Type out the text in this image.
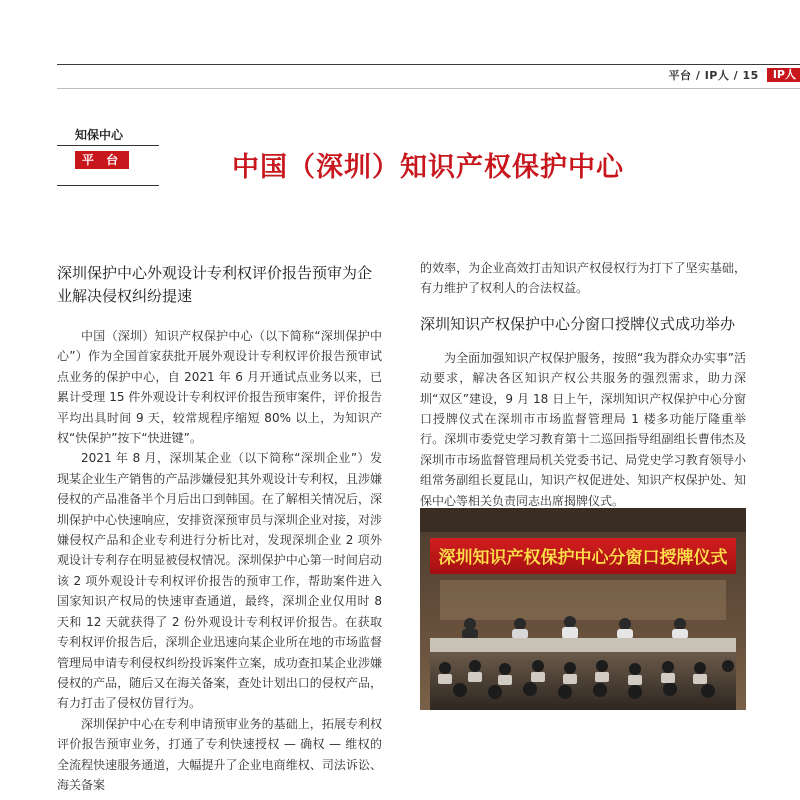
平台 / IP人 / 15	IP人
知保中心
平 台	中国（深圳）知识产权保护中心
深圳保护中心外观设计专利权评价报告预审为企业解决侵权纠纷提速

中国（深圳）知识产权保护中心（以下简称“深圳保护中心”）作为全国首家获批开展外观设计专利权评价报告预审试点业务的保护中心，自 2021 年 6 月开通试点业务以来，已累计受理 15 件外观设计专利权评价报告预审案件，评价报告平均出具时间 9 天，较常规程序缩短 80% 以上，为知识产权“快保护”按下“快进键”。

2021 年 8 月，深圳某企业（以下简称“深圳企业”）发现某企业生产销售的产品涉嫌侵犯其外观设计专利权，且涉嫌侵权的产品准备半个月后出口到韩国。在了解相关情况后，深圳保护中心快速响应，安排资深预审员与深圳企业对接，对涉嫌侵权产品和企业专利进行分析比对，发现深圳企业 2 项外观设计专利存在明显被侵权情况。深圳保护中心第一时间启动该 2 项外观设计专利权评价报告的预审工作，帮助案件进入国家知识产权局的快速审查通道，最终，深圳企业仅用时 8 天和 12 天就获得了 2 份外观设计专利权评价报告。在获取专利权评价报告后，深圳企业迅速向某企业所在地的市场监督管理局申请专利侵权纠纷投诉案件立案，成功查扣某企业涉嫌侵权的产品，随后又在海关备案，查处计划出口的侵权产品，有力打击了侵权仿冒行为。

深圳保护中心在专利申请预审业务的基础上，拓展专利权评价报告预审业务，打通了专利快速授权 — 确权 — 维权的全流程快速服务通道，大幅提升了企业电商维权、司法诉讼、海关备案

的效率，为企业高效打击知识产权侵权行为打下了坚实基础，有力维护了权利人的合法权益。

深圳知识产权保护中心分窗口授牌仪式成功举办

为全面加强知识产权保护服务，按照“我为群众办实事”活动要求，解决各区知识产权公共服务的强烈需求，助力深圳“双区”建设，9 月 18 日上午，深圳知识产权保护中心分窗口授牌仪式在深圳市市场监督管理局 1 楼多功能厅隆重举行。深圳市委党史学习教育第十二巡回指导组副组长曹伟杰及深圳市市场监督管理局机关党委书记、局党史学习教育领导小组常务副组长夏昆山，知识产权促进处、知识产权保护处、知保中心等相关负责同志出席揭牌仪式。

深圳知识产权保护中心分窗口授牌仪式
